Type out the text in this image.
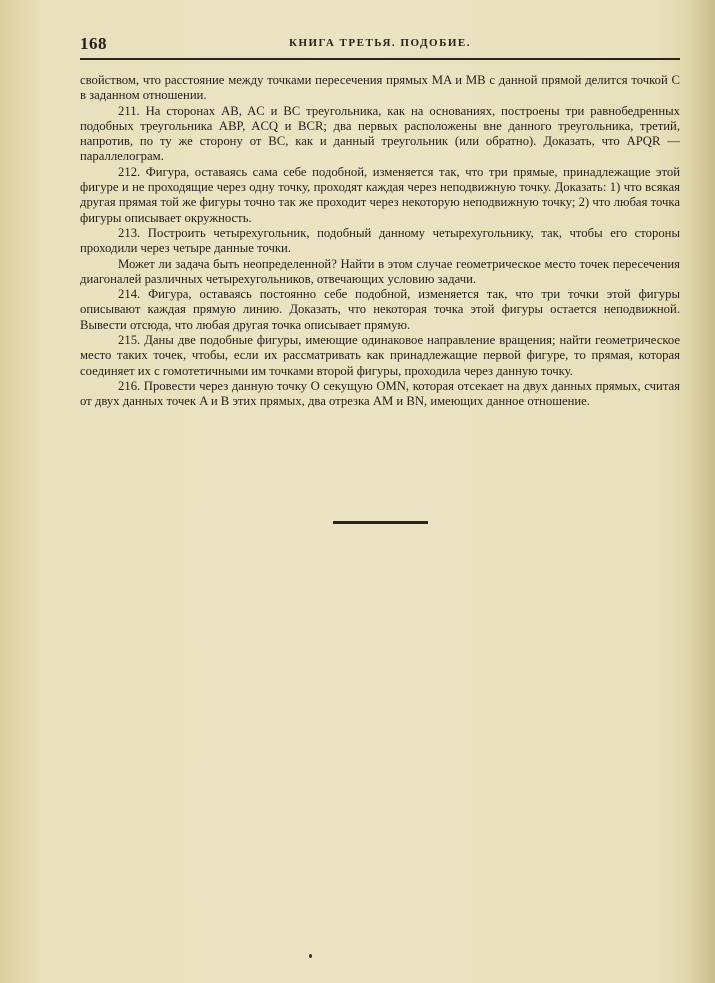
168	КНИГА ТРЕТЬЯ. ПОДОБИЕ.

свойством, что расстояние между точками пересечения прямых MA и MB с данной прямой делится точкой C в заданном отношении.

211. На сторонах AB, AC и BC треугольника, как на основаниях, построены три равнобедренных подобных треугольника ABP, ACQ и BCR; два первых расположены вне данного треугольника, третий, напротив, по ту же сторону от BC, как и данный треугольник (или обратно). Доказать, что APQR — параллелограм.

212. Фигура, оставаясь сама себе подобной, изменяется так, что три прямые, принадлежащие этой фигуре и не проходящие через одну точку, проходят каждая через неподвижную точку. Доказать: 1) что всякая другая прямая той же фигуры точно так же проходит через некоторую неподвижную точку; 2) что любая точка фигуры описывает окружность.

213. Построить четырехугольник, подобный данному четырехугольнику, так, чтобы его стороны проходили через четыре данные точки.

Может ли задача быть неопределенной? Найти в этом случае геометрическое место точек пересечения диагоналей различных четырехугольников, отвечающих условию задачи.

214. Фигура, оставаясь постоянно себе подобной, изменяется так, что три точки этой фигуры описывают каждая прямую линию. Доказать, что некоторая точка этой фигуры остается неподвижной. Вывести отсюда, что любая другая точка описывает прямую.

215. Даны две подобные фигуры, имеющие одинаковое направление вращения; найти геометрическое место таких точек, чтобы, если их рассматривать как принадлежащие первой фигуре, то прямая, которая соединяет их с гомотетичными им точками второй фигуры, проходила через данную точку.

216. Провести через данную точку O секущую OMN, которая отсекает на двух данных прямых, считая от двух данных точек A и B этих прямых, два отрезка AM и BN, имеющих данное отношение.
